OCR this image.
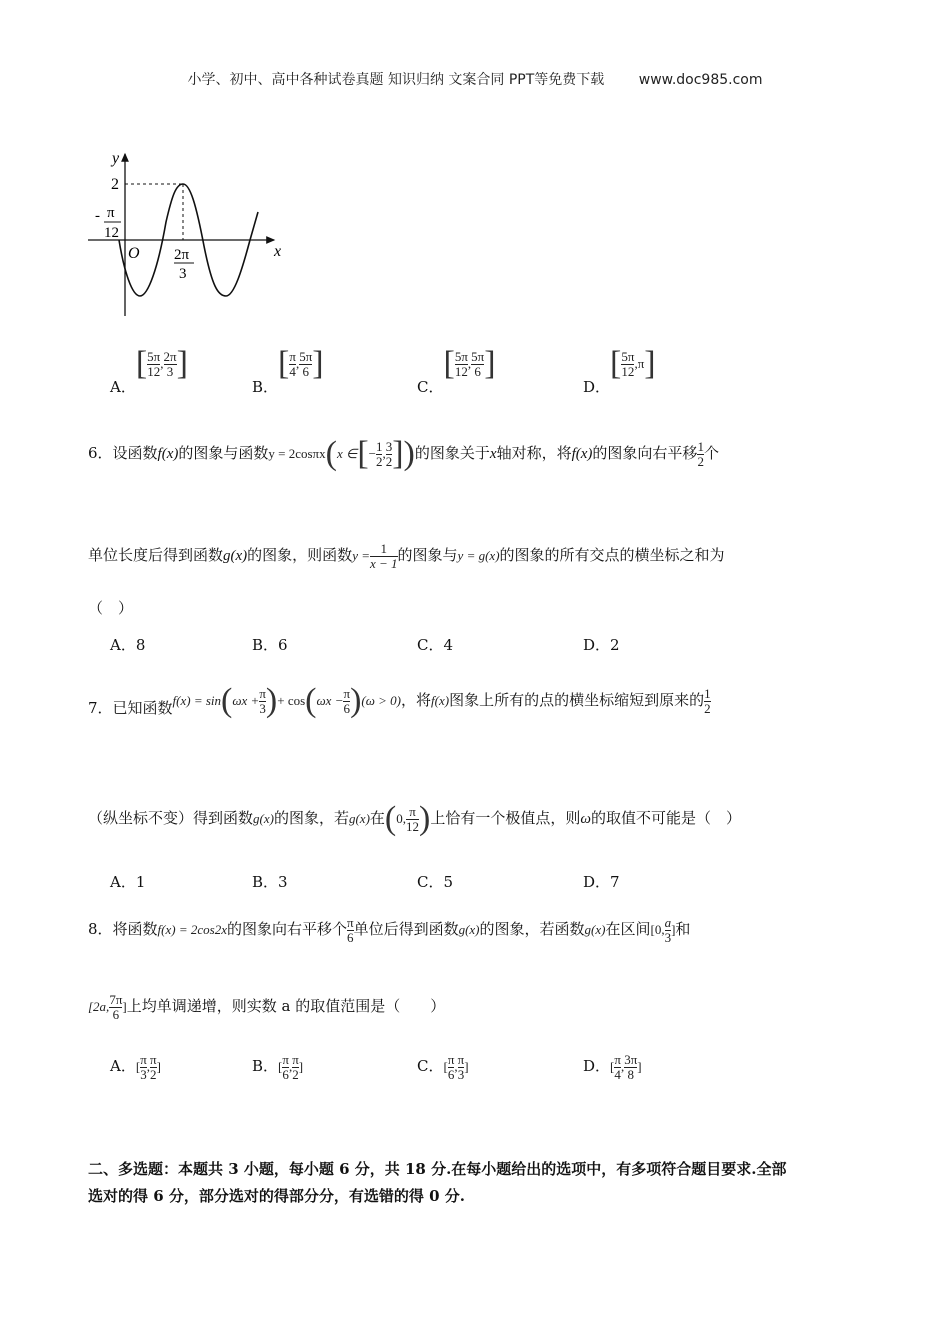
小学、初中、高中各种试卷真题 知识归纳 文案合同 PPT等免费下载 www.doc985.com
y
x
O
2
- π
12
2π
3
A．[ $\frac{5\pi}{12}$ , $\frac{2\pi}{3}$ ]
B．[ $\frac{\pi}{4}$ , $\frac{5\pi}{6}$ ]
C．[ $\frac{5\pi}{12}$ , $\frac{5\pi}{6}$ ]
D．[ $\frac{5\pi}{12} ,\pi$]
6．设函数f(x)的图象与函数y = 2cosπx(x ∈[− $\frac{1}{2}$ , $\frac{3}{2}$ ])的图象关于x轴对称，将f(x)的图象向右平移 $\frac{1}{2}$ 个
单位长度后得到函数g(x)的图象，则函数$y = \frac{1}{x - 1}$ 的图象与y = g(x)的图象的所有交点的横坐标之和为
（　）
A．8	B．6	C．4	D．2
7．已知函数$f(x) = \sin(\omega x + \frac{\pi}{3}$ )+ $\cos(\omega x - \frac{\pi}{6} )(\omega > 0)$，将f(x)图象上所有的点的横坐标缩短到原来的 $\frac{1}{2}$
（纵坐标不变）得到函数g(x)的图象，若g(x)在(0, $\frac{\pi}{12}$ )上恰有一个极值点，则ω的取值不可能是（　）
A．1	B．3	C．5	D．7
8．将函数f(x) = 2cos2x的图象向右平移个 $\frac{\pi}{6}$ 单位后得到函数g(x)的图象，若函数g(x)在区间[0, $\frac{a}{3}$ ]和
[2a, $\frac{7\pi}{6}$ ]上均单调递增，则实数 a 的取值范围是（　　）
A．[ $\frac{\pi}{3}$ , $\frac{\pi}{2}$ ]	B．[ $\frac{\pi}{6}$ , $\frac{\pi}{2}$ ]	C．[ $\frac{\pi}{6}$ , $\frac{\pi}{3}$ ]	D．[ $\frac{\pi}{4}$ , $\frac{3\pi}{8}$ ]
二、多选题：本题共 3 小题，每小题 6 分，共 18 分.在每小题给出的选项中，有多项符合题目要求.全部
选对的得 6 分，部分选对的得部分分，有选错的得 0 分.
